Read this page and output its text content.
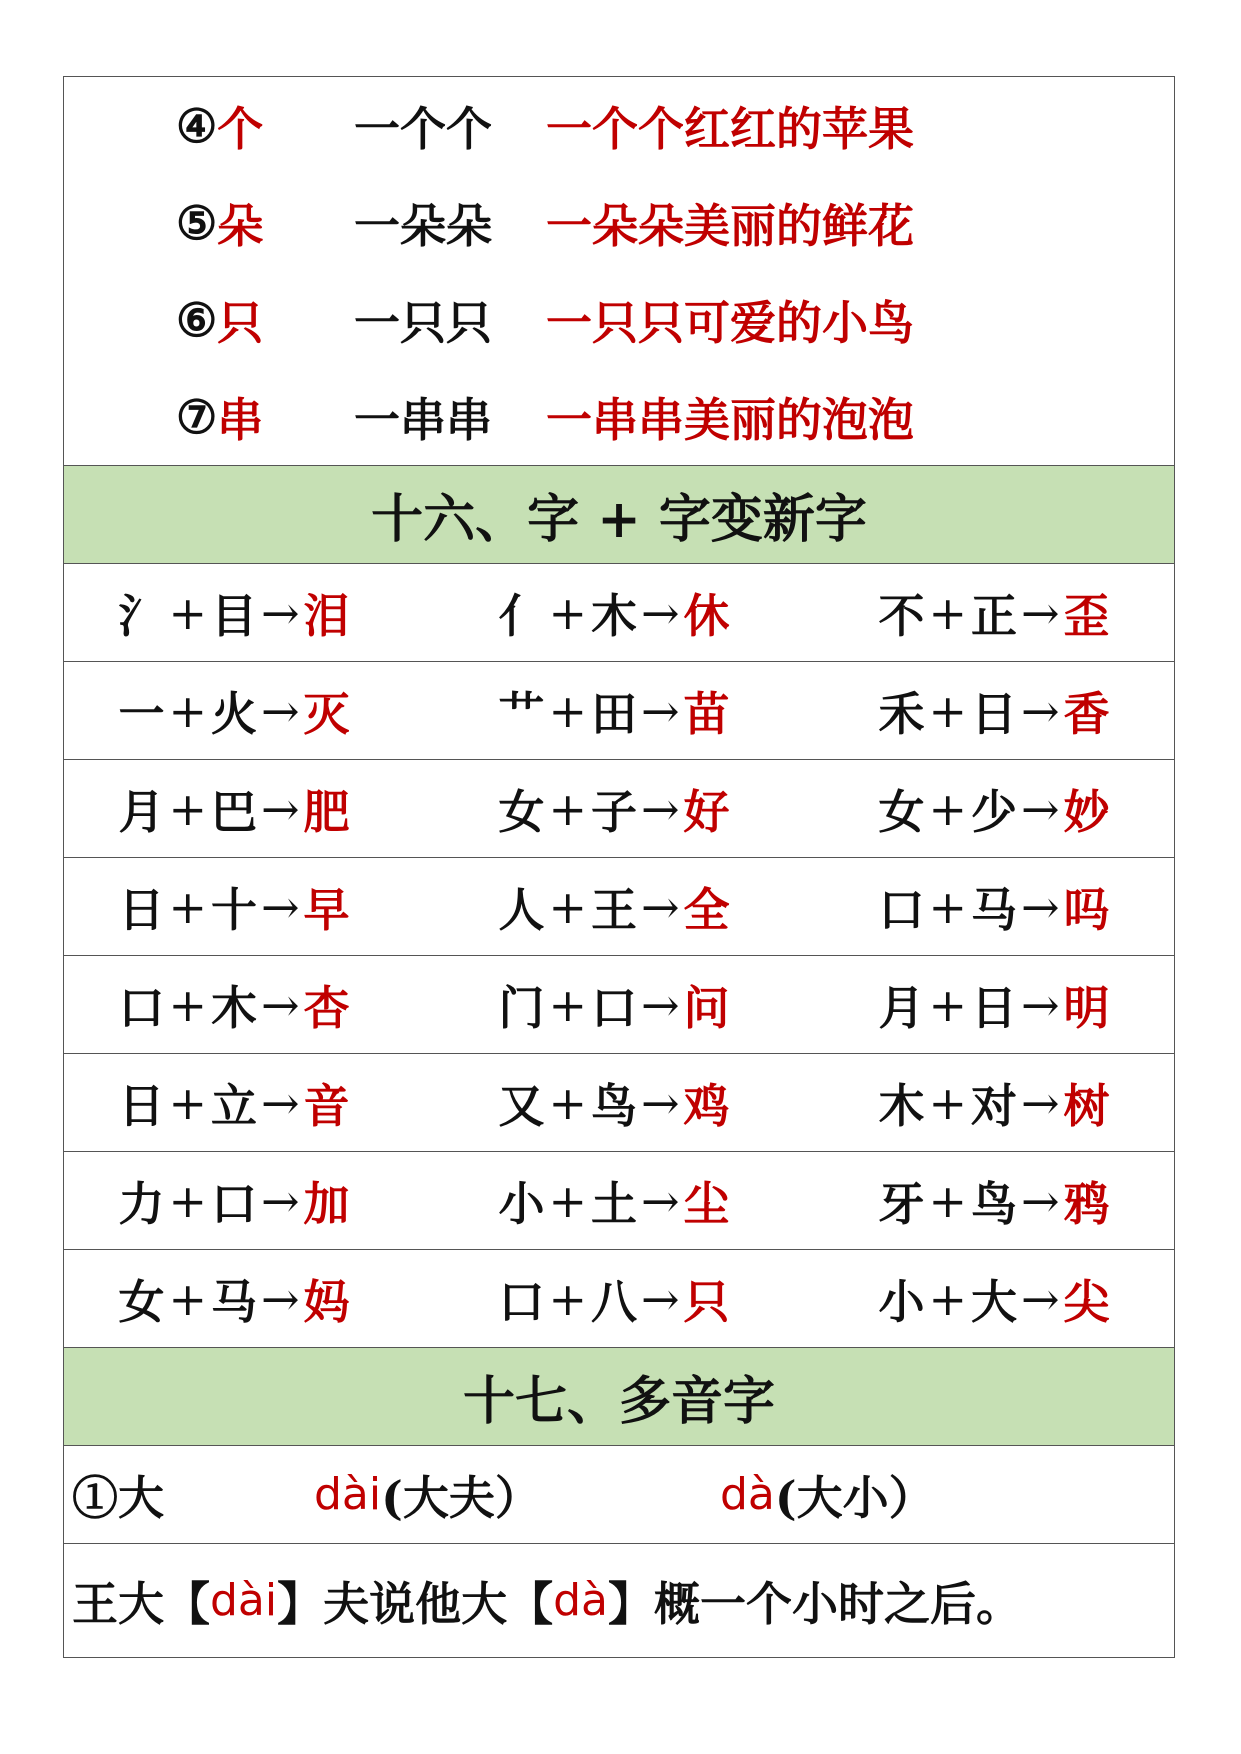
④ 个 一个个 一个个红红的苹果
⑤ 朵 一朵朵 一朵朵美丽的鲜花
⑥ 只 一只只 一只只可爱的小鸟
⑦ 串 一串串 一串串美丽的泡泡
十六、字 + 字变新字
氵 + 目 → 泪	亻 + 木 → 休	不 + 正 → 歪
一 + 火 → 灭	艹 + 田 → 苗	禾 + 日 → 香
月 + 巴 → 肥	女 + 子 → 好	女 + 少 → 妙
日 + 十 → 早	人 + 王 → 全	口 + 马 → 吗
口 + 木 → 杏	门 + 口 → 问	月 + 日 → 明
日 + 立 → 音	又 + 鸟 → 鸡	木 + 对 → 树
力 + 口 → 加	小 + 土 → 尘	牙 + 鸟 → 鸦
女 + 马 → 妈	口 + 八 → 只	小 + 大 → 尖
十七、多音字
①大	dài (大夫）	dà (大小）
王大【 dài 】夫说他大【 dà 】概一个小时之后。
